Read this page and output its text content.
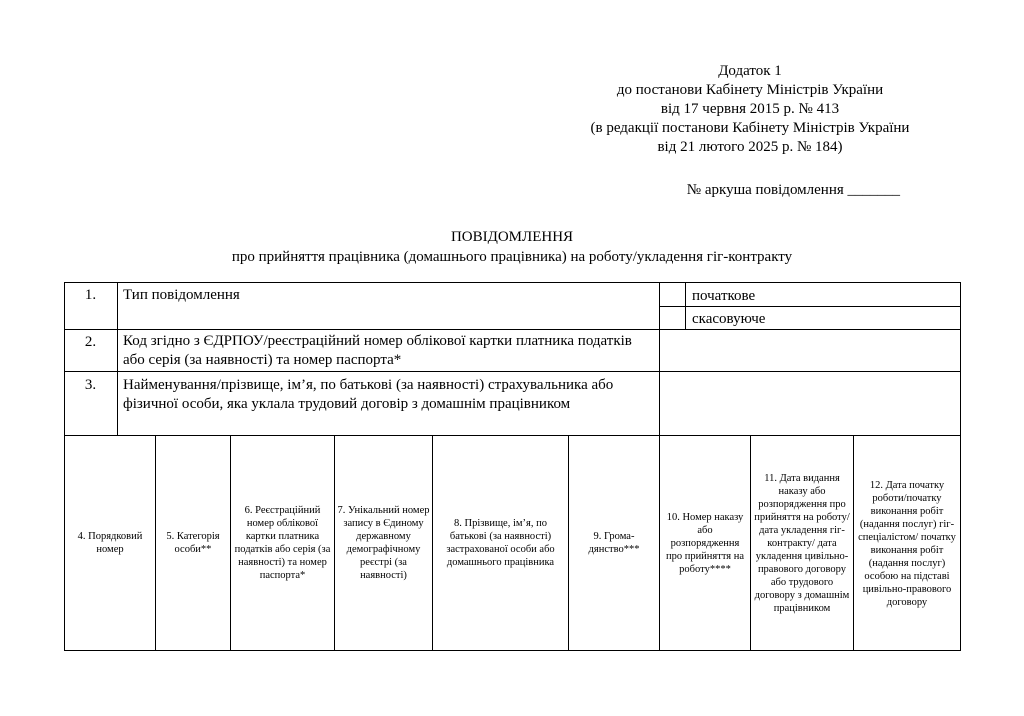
Додаток 1
до постанови Кабінету Міністрів України
від 17 червня 2015 р. № 413
(в редакції постанови Кабінету Міністрів України
від 21 лютого 2025 р. № 184)
№ аркуша повідомлення _______
ПОВІДОМЛЕННЯ
про прийняття працівника (домашнього працівника) на роботу/укладення гіг-контракту
1.	Тип повідомлення	початкове
скасовуюче
2.	Код згідно з ЄДРПОУ/реєстраційний номер облікової картки платника податків або серія (за наявності) та номер паспорта*
3.	Найменування/прізвище, ім’я, по батькові (за наявності) страхувальника або фізичної особи, яка уклала трудовий договір з домашнім працівником
4. Порядковий номер
5. Категорія особи**
6. Реєстраційний номер облікової картки платника податків або серія (за наявності) та номер паспорта*
7. Унікальний номер запису в Єдиному державному демографічному реєстрі (за наявності)
8. Прізвище, ім’я, по батькові (за наявності) застрахованої особи або домашнього працівника
9. Грома-дянство***
10. Номер наказу або розпорядження про прийняття на роботу****
11. Дата видання наказу або розпорядження про прийняття на роботу/дата укладення гіг-контракту/ дата укладення цивільно-правового договору або трудового договору з домашнім працівником
12. Дата початку роботи/початку виконання робіт (надання послуг) гіг-спеціалістом/ початку виконання робіт (надання послуг) особою на підставі цивільно-правового договору
